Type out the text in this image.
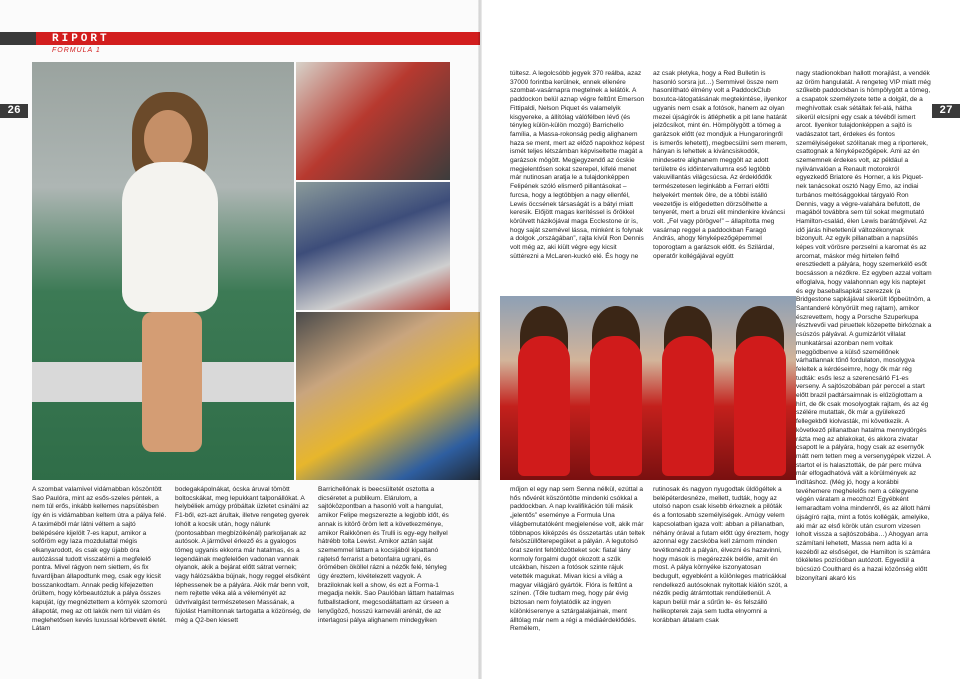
RIPORT
FORMULA 1

A szombat valamivel vidámabban köszöntött Sao Paulóra, mint az esős-szeles péntek, a nem túl erős, inkább kellemes napsütésben így én is vidámabban keltem útra a pálya felé. A taximéből már látni véltem a sajtó belépésére kijelölt 7-es kaput, amikor a sofőröm egy laza mozdulattal mégis elkanyarodott, és csak egy újabb óra autózással tudott visszatérni a megfelelő pontra. Mivel rágyon nem siettem, és fix fuvardíjban állapodtunk meg, csak egy kicsit bosszankodtam. Annak pedig kifejezetten örültem, hogy körbeautóztuk a pálya összes kapuját, így megnéztettem a környék szomorú állapotát, meg az ott lakók nem túl vidám és meglehetősen kevés luxussal körbevett életét. Látam

bodegakápolnákat, ócska áruval tömött boltocskákat, meg lepukkant talponállókat. A helybéliek amúgy próbáltak üzletet csinálni az F1-ből, ezt-azt árultak, illetve rengeteg gyerek lohólt a kocsik után, hogy nálunk (pontosabban megbízóikénál) parkoljanak az autósok. A járművel érkező és a gyalogos tömeg ugyanis ekkorra már hatalmas, és a legendáinak megfelelően vadonan vannak olyanok, akik a bejárat előtt sátrat vernek; vagy hálózsákba bújnak, hogy reggel elsőként léphessenek be a pályára. Akik már benn volt, nem rejtette véka alá a véleményét az üdvrivalgást természetesen Massának, a fújolást Hamiltonnak tartogatta a közönség, de még a Q2-ben kiesett

Barrichellónak is beecsültetét osztotta a dicséretet a publikum. Elárulom, a sajtóközpontban a hasonló volt a hangulat, amikor Felipe megszerezte a legjobb időt, és annak is kitörő öröm lett a következménye, amikor Raikkönen és Trulli is egy-egy hellyel hátrébb tolta Lewist. Amikor aztán saját szememmel láttam a kocsijából kipattanó rajtelső ferrarist a betonfalra ugrani, és örömében ököllel rázni a nézők felé, tényleg úgy éreztem, kivételezett vagyok. A braziloknak kell a show, és ezt a Forma-1 megadja nekik. Sao Paulóban láttam hatalmas futballstadiont, megcsodáltattam az úrseen a lenyűgöző, hosszú karneváli arénát, de az interlagosi pálya alighanem mindegyiken

túltesz. A legolcsóbb jegyek 370 reálba, azaz 37000 forintba kerülnek, ennek ellenére szombat-vasárnapra megtelnek a lelátók. A paddockon belül aznap végre feltűnt Emerson Fittipaldi, Nelson Piquet és valamelyik kisgyereke, a állítólag válófélben lévő (és tényleg külön-külön mozgó) Barrichello família, a Massa-rokonság pedig alighanem haza se ment, mert az előző napokhoz képest ismét teljes létszámban képviseltette magát a garázsok mögött. Megjegyzendő az ócskie megjelentősen sokat szerepel, kifelé menet már nutinosan aratja le a tulajdonképpen Felipének szóló elismerő pillantásokat – furcsa, hogy a legtöbbjen a nagy ellenfél, Lewis öccsének társaságát is a bátyi miatt keresik. Előjött magas kerítéssel is őrökkel körülvett házikójával maga Ecclestone úr is, hogy saját szemével lássa, minként is folynak a dolgok „országában”, rajta kívül Ron Dennis volt még az, aki kiült végre egy kicsit süttérezni a McLaren-kuckó elé. És hogy ne

az csak pletyka, hogy a Red Bulletin is hasonló sorsra jut…) Semmivel össze nem hasonlítható élmény volt a PaddockClub boxutca-látogatásának megtekintése, ilyenkor ugyanis nem csak a fotósok, hanem az olyan mezei újságírók is átléphetik a pit lane határát jelzőcsíkot, mint én. Hömpölygött a tömeg a garázsok előtt (ez mondjuk a Hungaroringről is ismerős lehetett), megbecsülni sem merem, hányan is lehettek a kiváncsiskodók, mindesetre alighanem meggölt az adott területre és időintervallumra eső legtöbb vakuvillantás világcsúcsa. Az érdeklődők természetesen leginkább a Ferrari előtti helyekért mentek ölre, de a többi istálló veezetője is előgedetten dörzsölhette a tenyerét, mert a bruzi elit mindenkire kiváncsi volt. „Fel vagy pörögve!” – állapította meg vasárnap reggel a paddockban Faragó András, ahogy fényképezőgépemmel toporogtam a garázsok előtt. és Szilárdal, operatőr kollégájával együtt

nagy stadionokban hallott morajlást, a vendék az öröm hangulatát. A rengeteg VIP miatt még szűkebb paddockban is hömpölygött a tömeg, a csapatok személyzete tette a dolgát, de a meghívottak csak sétáltak fel-alá, hátha sikerül elcsípni egy csak a tévéből ismert arcot. Ilyenkor tulajdonképpen a sajtó is vadászatot tart, érdekes és fontos személyiségeket szólítanak meg a riporterek, csattognak a fényképezőgépek. Ami az én szememnek érdekes volt, az például a nyilvánvalóan a Renault motorokról egyezkedő Briatore és Horner, a kis Piquet-nek tanácsokat osztó Nagy Emo, az indiai turbános meltósággokkal tárgyaló Ron Dennis, vagy a végre-valahára befutott, de magából továbbra sem túl sokat megmutató Hamilton-család, élen Lewis barátnőjével. Az idő járás hihetetlenül változékonynak bizonyult. Az egyik pillanatban a napsütés képes volt vörösre perzselni a karomat és az arcomat, máskor még hirtelen felhő eresztiedett a pályára, hogy szemerkélő esőt bocsásson a nézőkre. Ez egyben azzal voltam elfoglalva, hogy valahonnan egy kis naptejet és egy baseballsapkát szerezzek (a Bridgestone sapkájával sikerült lőpbeütnöm, a Santanderé könyörült meg rajtam), amikor észrevettem, hogy a Porsche Szuperkupa résztvevői vad piruettek közepette birkóznak a csúszós pályával. A gumizárlót villalat munkatársai azonban nem voltak meggödbenve a külső személlőnek várhatlannak tűnő fordulaton, mosolygva feleltek a kérdéseimre, hogy ők már rég tudták: esős lesz a szerencsárló F1-es verseny. A sajtószobában pár perccel a start előtt brazil padtársaimnak is elűzöglottam a hírt, de ők csak mosolyogtak rajtam, és az ég szélére mutattak, ők már a gyülekező fellegekből kiolvasták, mi következik. A következő pillanatban hatalma mennydörgés rázta meg az ablakokat, és akkora zivatar csapott le a pályára, hogy csak az esernyők mátt nem tetten meg a versenygépek vizzel. A startot el is halasztották, de pár perc múlva már elfogadhatóvá vált a körülmények az indításhoz. (Még jó, hogy a korábbi tevéhemere meghelelős nem a célegyene végén váratam a meozhoz! Egyébként lemaradtam volna mindenről, és az állott hámi újságíró rajta, mint a fotós kollégák, amelyike, aki már az első körök után csurom vizesen loholt vissza a sajtószobába…) Ahogyan arra számítani lehetett, Massa nem adta ki a kezéből az elsőséget, de Hamilton is számára tökéletes pozícióban autózott. Egyedül a búcsúzó Coulthard és a hazai közönség előtt bizonyítani akaró kis

műjon el egy nap sem Senna nélkül, ezúttal a hős nővérét köszöntötte mindenki csókkal a paddockban. A nap kvalifikáción túli másik „jelentős” eseménye a Formula Una világbemutatóként megjelenése volt, akik már többnapos kiképzés és összetartás után teltek felsöszüllőterepegüket a pályán. A legutolsó órat szerint feltöltözötteket sok: fiatal lány kormoly forgalmi dugót okozott a szűk utcákban, hiszen a fotósok szinte rájuk vetették magukat. Mivan kicsi a világ a magyar világjáró gyártók. Flóra is feltűnt a színen. (Tőle tudtam meg, hogy pár évig biztosan nem folytatódik az ingyen különkiserenye a sztárgalakjainak, ment álltólag már nem a régi a médiáérdeklődés. Remélem,

rutinosak és nagyon nyugodtak üldögéltek a belépéterdesnéze, mellett, tudták, hogy az utolsó napon csak kisebb érkeznek a pilóták és a fontosabb személyiségek. Amúgy velem kapcsolatban igaza volt: abban a pillanatban, néhány órával a futam előtt úgy éreztem, hogy azonnal egy zacskóba kell zárnom minden tevétkonézőt a pályán, élvezni és hazavinni, hogy mások is megérezzék belőle, amit én most. A pálya környéke iszonyatosan bedugult, egyebként a különleges matricákkal rendelkező autósoknak nyitottak kiálón szót, a nézők pedig átrámtottak rendületlenül. A kapun belül már a sűrűn le- és felszálló helikopterek zaja sem tudta elnyomni a korábban általam csak

26	27
